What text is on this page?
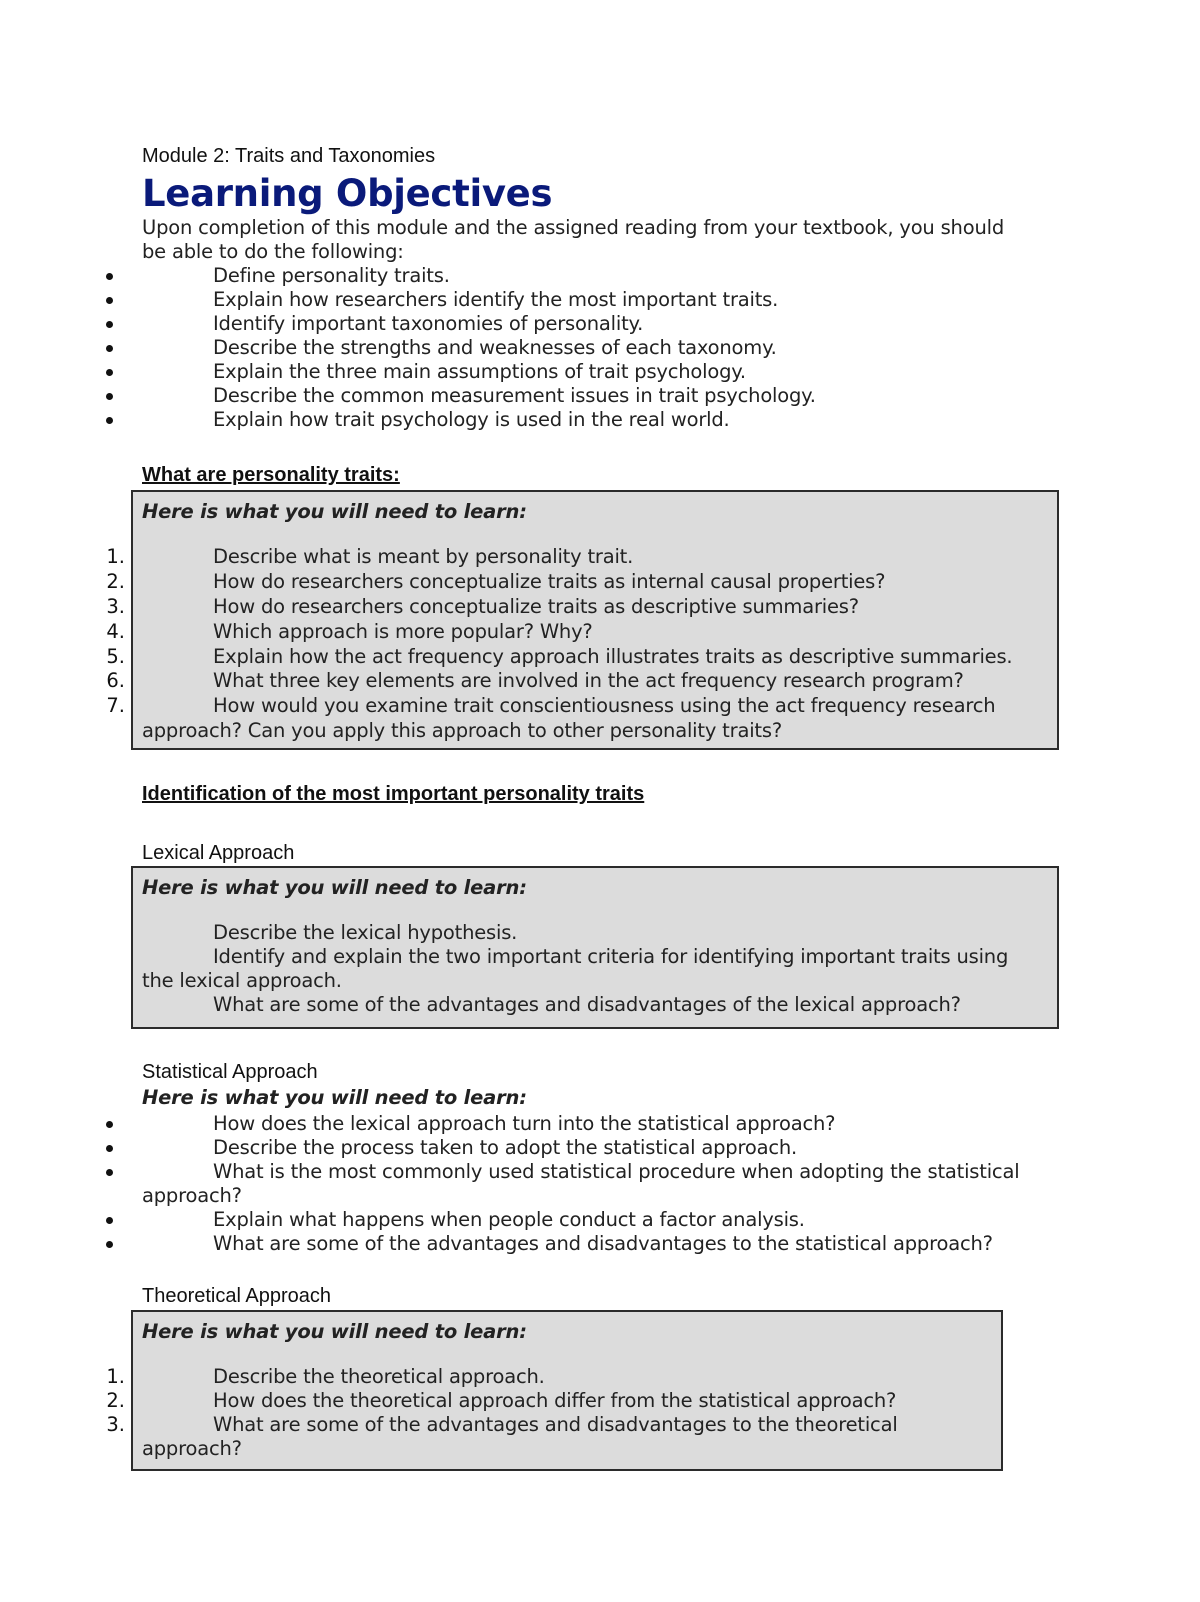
Module 2: Traits and Taxonomies
Learning Objectives
Upon completion of this module and the assigned reading from your textbook, you should
be able to do the following:
Define personality traits.
Explain how researchers identify the most important traits.
Identify important taxonomies of personality.
Describe the strengths and weaknesses of each taxonomy.
Explain the three main assumptions of trait psychology.
Describe the common measurement issues in trait psychology.
Explain how trait psychology is used in the real world.
What are personality traits:
Here is what you will need to learn:
1.	Describe what is meant by personality trait.
2.	How do researchers conceptualize traits as internal causal properties?
3.	How do researchers conceptualize traits as descriptive summaries?
4.	Which approach is more popular? Why?
5.	Explain how the act frequency approach illustrates traits as descriptive summaries.
6.	What three key elements are involved in the act frequency research program?
7.	How would you examine trait conscientiousness using the act frequency research
approach? Can you apply this approach to other personality traits?
Identification of the most important personality traits
Lexical Approach
Here is what you will need to learn:
Describe the lexical hypothesis.
Identify and explain the two important criteria for identifying important traits using
the lexical approach.
What are some of the advantages and disadvantages of the lexical approach?
Statistical Approach
Here is what you will need to learn:
How does the lexical approach turn into the statistical approach?
Describe the process taken to adopt the statistical approach.
What is the most commonly used statistical procedure when adopting the statistical
approach?
Explain what happens when people conduct a factor analysis.
What are some of the advantages and disadvantages to the statistical approach?
Theoretical Approach
Here is what you will need to learn:
1.	Describe the theoretical approach.
2.	How does the theoretical approach differ from the statistical approach?
3.	What are some of the advantages and disadvantages to the theoretical
approach?
